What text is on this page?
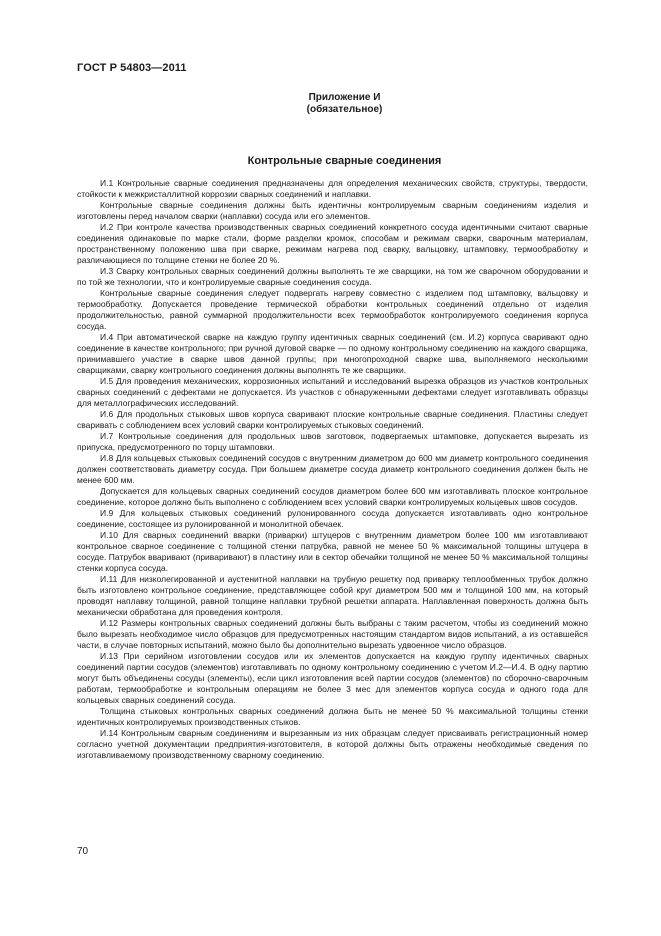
ГОСТ Р 54803—2011
Приложение И
(обязательное)
Контрольные сварные соединения

И.1 Контрольные сварные соединения предназначены для определения механических свойств, структуры, твердости, стойкости к межкристаллитной коррозии сварных соединений и наплавки.

Контрольные сварные соединения должны быть идентичны контролируемым сварным соединениям изделия и изготовлены перед началом сварки (наплавки) сосуда или его элементов.

И.2 При контроле качества производственных сварных соединений конкретного сосуда идентичными считают сварные соединения одинаковые по марке стали, форме разделки кромок, способам и режимам сварки, сварочным материалам, пространственному положению шва при сварке, режимам нагрева под сварку, вальцовку, штамповку, термообработку и различающиеся по толщине стенки не более 20 %.

И.3 Сварку контрольных сварных соединений должны выполнять те же сварщики, на том же сварочном оборудовании и по той же технологии, что и контролируемые сварные соединения сосуда.

Контрольные сварные соединения следует подвергать нагреву совместно с изделием под штамповку, вальцовку и термообработку. Допускается проведение термической обработки контрольных соединений отдельно от изделия продолжительностью, равной суммарной продолжительности всех термообработок контролируемого соединения корпуса сосуда.

И.4 При автоматической сварке на каждую группу идентичных сварных соединений (см. И.2) корпуса сваривают одно соединение в качестве контрольного; при ручной дуговой сварке — по одному контрольному соединению на каждого сварщика, принимавшего участие в сварке швов данной группы; при многопроходной сварке шва, выполняемого несколькими сварщиками, сварку контрольного соединения должны выполнять те же сварщики.

И.5 Для проведения механических, коррозионных испытаний и исследований вырезка образцов из участков контрольных сварных соединений с дефектами не допускается. Из участков с обнаруженными дефектами следует изготавливать образцы для металлографических исследований.

И.6 Для продольных стыковых швов корпуса сваривают плоские контрольные сварные соединения. Пластины следует сваривать с соблюдением всех условий сварки контролируемых стыковых соединений.

И.7 Контрольные соединения для продольных швов заготовок, подвергаемых штамповке, допускается вырезать из припуска, предусмотренного по торцу штамповки.

И.8 Для кольцевых стыковых соединений сосудов с внутренним диаметром до 600 мм диаметр контрольного соединения должен соответствовать диаметру сосуда. При большем диаметре сосуда диаметр контрольного соединения должен быть не менее 600 мм.

Допускается для кольцевых сварных соединений сосудов диаметром более 600 мм изготавливать плоское контрольное соединение, которое должно быть выполнено с соблюдением всех условий сварки контролируемых кольцевых швов сосудов.

И.9 Для кольцевых стыковых соединений рулонированного сосуда допускается изготавливать одно контрольное соединение, состоящее из рулонированной и монолитной обечаек.

И.10 Для сварных соединений вварки (приварки) штуцеров с внутренним диаметром более 100 мм изготавливают контрольное сварное соединение с толщиной стенки патрубка, равной не менее 50 % максимальной толщины штуцера в сосуде. Патрубок вваривают (приваривают) в пластину или в сектор обечайки толщиной не менее 50 % максимальной толщины стенки корпуса сосуда.

И.11 Для низколегированной и аустенитной наплавки на трубную решетку под приварку теплообменных трубок должно быть изготовлено контрольное соединение, представляющее собой круг диаметром 500 мм и толщиной 100 мм, на который проводят наплавку толщиной, равной толщине наплавки трубной решетки аппарата. Наплавленная поверхность должна быть механически обработана для проведения контроля.

И.12 Размеры контрольных сварных соединений должны быть выбраны с таким расчетом, чтобы из соединений можно было вырезать необходимое число образцов для предусмотренных настоящим стандартом видов испытаний, а из оставшейся части, в случае повторных испытаний, можно было бы дополнительно вырезать удвоенное число образцов.

И.13 При серийном изготовлении сосудов или их элементов допускается на каждую группу идентичных сварных соединений партии сосудов (элементов) изготавливать по одному контрольному соединению с учетом И.2—И.4. В одну партию могут быть объединены сосуды (элементы), если цикл изготовления всей партии сосудов (элементов) по сборочно-сварочным работам, термообработке и контрольным операциям не более 3 мес для элементов корпуса сосуда и одного года для кольцевых сварных соединений сосуда.

Толщина стыковых контрольных сварных соединений должна быть не менее 50 % максимальной толщины стенки идентичных контролируемых производственных стыков.

И.14 Контрольным сварным соединениям и вырезанным из них образцам следует присваивать регистрационный номер согласно учетной документации предприятия-изготовителя, в которой должны быть отражены необходимые сведения по изготавливаемому производственному сварному соединению.

70
